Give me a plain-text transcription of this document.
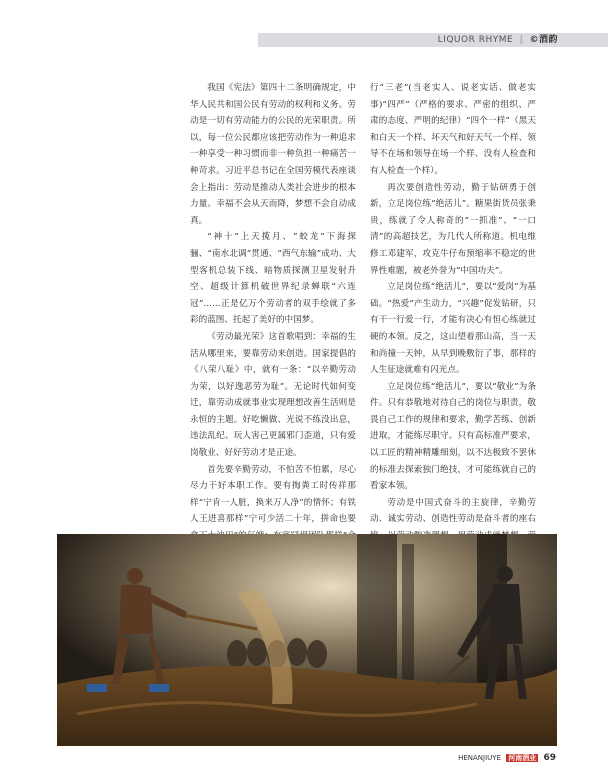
LIQUOR RHYME | ©酒韵

我国《宪法》第四十二条明确规定，中华人民共和国公民有劳动的权利和义务。劳动是一切有劳动能力的公民的光荣职责。所以，每一位公民都应该把劳动作为一种追求一种享受一种习惯而非一种负担一种痛苦一种苛求。习近平总书记在全国劳模代表座谈会上指出：劳动是推动人类社会进步的根本力量。幸福不会从天而降，梦想不会自动成真。

“神十”上天揽月、“蛟龙”下海探骊、“南水北调”贯通、“西气东输”成功、大型客机总装下线、暗物质探测卫星发射升空、超级计算机破世界纪录蝉联“六连冠”……正是亿万个劳动者的双手绘就了多彩的蓝图、托起了美好的中国梦。

《劳动最光荣》这首歌唱到：幸福的生活从哪里来，要靠劳动来创造。国家提倡的《八荣八耻》中，就有一条：“以辛勤劳动为荣，以好逸恶劳为耻”。无论时代如何变迁，靠劳动成就事业实现理想改善生活则是永恒的主题。好吃懒做、光说不练没出息，违法乱纪、玩人害己更属邪门歪道，只有爱岗敬业、好好劳动才是正途。

首先要辛勤劳动，不怕苦不怕累，尽心尽力干好本职工作。要有掏粪工时传祥那样“宁肯一人脏，换来万人净”的情怀；有铁人王进喜那样“宁可少活二十年，拼命也要

行“三老”(当老实人、说老实话、做老实事)“四严”（严格的要求、严密的组织、严肃的态度、严明的纪律）“四个一样”（黑天和白天一个样、坏天气和好天气一个样、领导不在场和领导在场一个样、没有人检查和有人检查一个样）。

再次要创造性劳动，勤于钻研勇于创新，立足岗位练“绝活儿”。糖果街货员张秉贵，练就了令人称奇的“一抓准”、“一口清”的高超技艺，为几代人所称道。机电维修工邓建军，攻克牛仔布预缩率不稳定的世界性难题，被老外誉为“中国功夫”。

立足岗位练“绝活儿”，要以“爱岗”为基础。“热爱”产生动力，“兴趣”促发钻研，只有干一行爱一行，才能有决心有恒心练就过硬的本领。反之，这山望着那山高，当一天和尚撞一天钟，从早到晚敷衍了事，那样的人生征途就难有闪光点。

立足岗位练“绝活儿”，要以“敬业”为条件。只有恭敬地对待自己的岗位与职责，敬畏自己工作的规律和要求，勤学苦练、创新进取，才能练尽职守。只有高标准严要求，以工匠的精神精雕细刻，以不达极致不罢休的标准去探索独门绝技，才可能练就自己的看家本领。

劳动是中国式奋斗的主旋律，辛勤劳动、诚实劳动、创造性劳动是奋斗者的座右

HENANJIUYE 河南酒业 69
